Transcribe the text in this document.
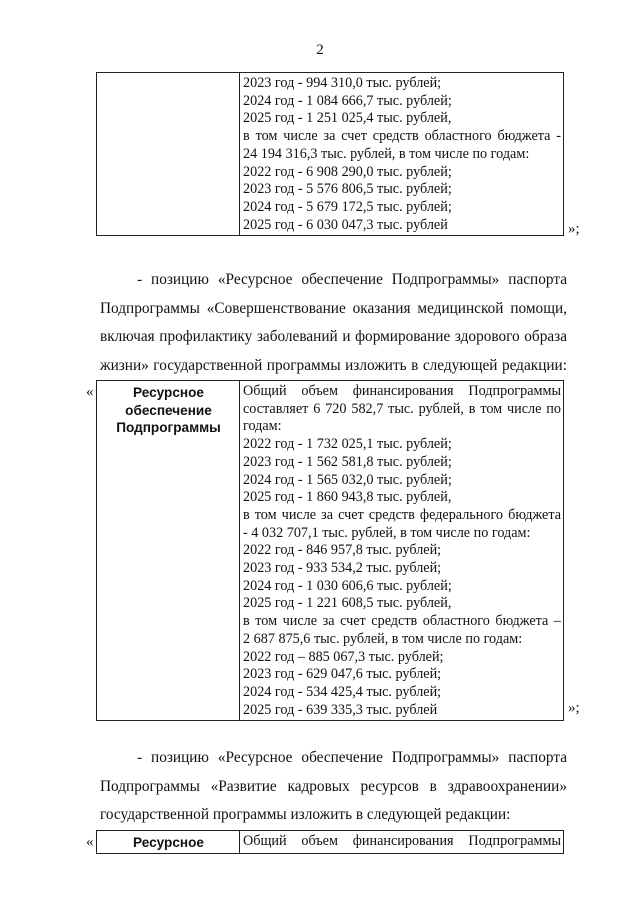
2

2023 год - 994 310,0 тыс. рублей;
2024 год - 1 084 666,7 тыс. рублей;
2025 год - 1 251 025,4 тыс. рублей,
в том числе за счет средств областного бюджета -
24 194 316,3 тыс. рублей, в том числе по годам:
2022 год - 6 908 290,0 тыс. рублей;
2023 год - 5 576 806,5 тыс. рублей;
2024 год - 5 679 172,5 тыс. рублей;
2025 год - 6 030 047,3 тыс. рублей	»;
- позицию «Ресурсное обеспечение Подпрограммы» паспорта
Подпрограммы «Совершенствование оказания медицинской помощи,
включая профилактику заболеваний и формирование здорового образа
жизни» государственной программы изложить в следующей редакции:
«	Ресурсное
обеспечение
Подпрограммы

Общий объем финансирования Подпрограммы
составляет 6 720 582,7 тыс. рублей, в том числе по
годам:
2022 год - 1 732 025,1 тыс. рублей;
2023 год - 1 562 581,8 тыс. рублей;
2024 год - 1 565 032,0 тыс. рублей;
2025 год - 1 860 943,8 тыс. рублей,
в том числе за счет средств федерального бюджета
- 4 032 707,1 тыс. рублей, в том числе по годам:
2022 год - 846 957,8 тыс. рублей;
2023 год - 933 534,2 тыс. рублей;
2024 год - 1 030 606,6 тыс. рублей;
2025 год - 1 221 608,5 тыс. рублей,
в том числе за счет средств областного бюджета –
2 687 875,6 тыс. рублей, в том числе по годам:
2022 год – 885 067,3 тыс. рублей;
2023 год - 629 047,6 тыс. рублей;
2024 год - 534 425,4 тыс. рублей;
2025 год - 639 335,3 тыс. рублей	»;
- позицию «Ресурсное обеспечение Подпрограммы» паспорта
Подпрограммы «Развитие кадровых ресурсов в здравоохранении»
государственной программы изложить в следующей редакции:
«	Ресурсное	Общий объем финансирования Подпрограммы
